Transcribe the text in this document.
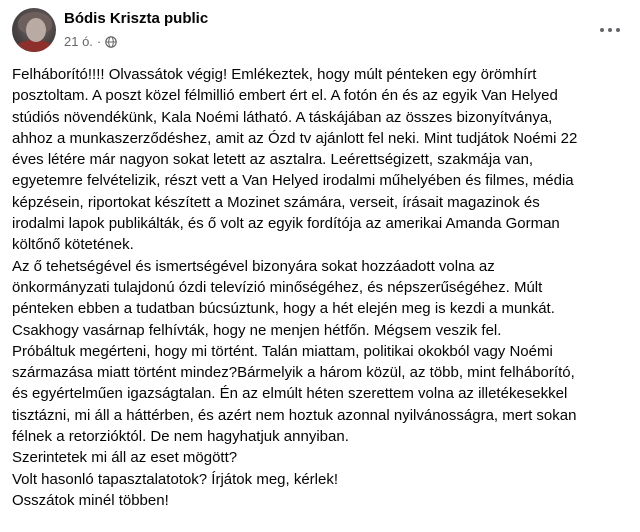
Bódis Kriszta public
21 ó. ·

Felháborító!!!! Olvassátok végig! Emlékeztek, hogy múlt pénteken egy örömhírt

posztoltam. A poszt közel félmillió embert ért el. A fotón én és az egyik Van Helyed

stúdiós növendékünk, Kala Noémi látható. A táskájában az összes bizonyítványa,

ahhoz a munkaszerződéshez, amit az Ózd tv ajánlott fel neki. Mint tudjátok Noémi 22

éves létére már nagyon sokat letett az asztalra. Leérettségizett, szakmája van,

egyetemre felvételizik, részt vett a Van Helyed irodalmi műhelyében és filmes, média

képzésein, riportokat készített a Mozinet számára, verseit, írásait magazinok és

irodalmi lapok publikálták, és ő volt az egyik fordítója az amerikai Amanda Gorman

költőnő kötetének.

Az ő tehetségével és ismertségével bizonyára sokat hozzáadott volna az

önkormányzati tulajdonú ózdi televízió minőségéhez, és népszerűségéhez. Múlt

pénteken ebben a tudatban búcsúztunk, hogy a hét elején meg is kezdi a munkát.

Csakhogy vasárnap felhívták, hogy ne menjen hétfőn. Mégsem veszik fel.

Próbáltuk megérteni, hogy mi történt. Talán miattam, politikai okokból vagy Noémi

származása miatt történt mindez?Bármelyik a három közül, az több, mint felháborító,

és egyértelműen igazságtalan. Én az elmúlt héten szerettem volna az illetékesekkel

tisztázni, mi áll a háttérben, és azért nem hoztuk azonnal nyilvánosságra, mert sokan

félnek a retorzióktól. De nem hagyhatjuk annyiban.

Szerintetek mi áll az eset mögött?

Volt hasonló tapasztalatotok? Írjátok meg, kérlek!

Osszátok minél többen!
